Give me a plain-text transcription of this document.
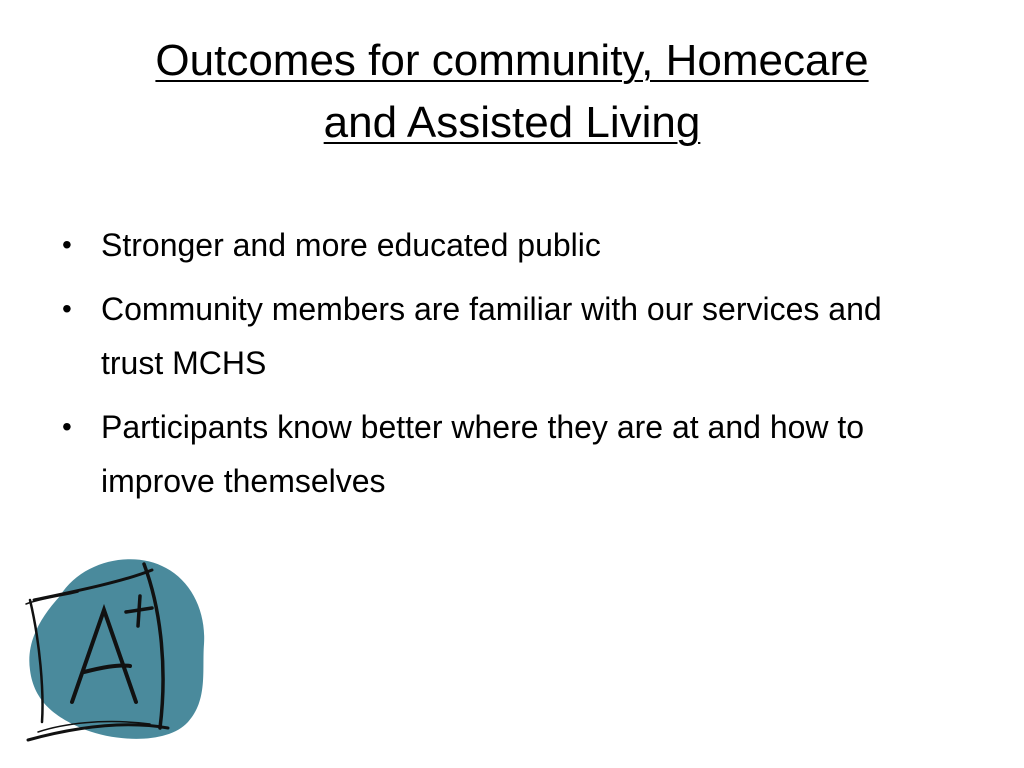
Outcomes for community, Homecare
and Assisted Living
• Stronger and more educated public
• Community members are familiar with our services and trust MCHS
• Participants know better where they are at and how to improve themselves
